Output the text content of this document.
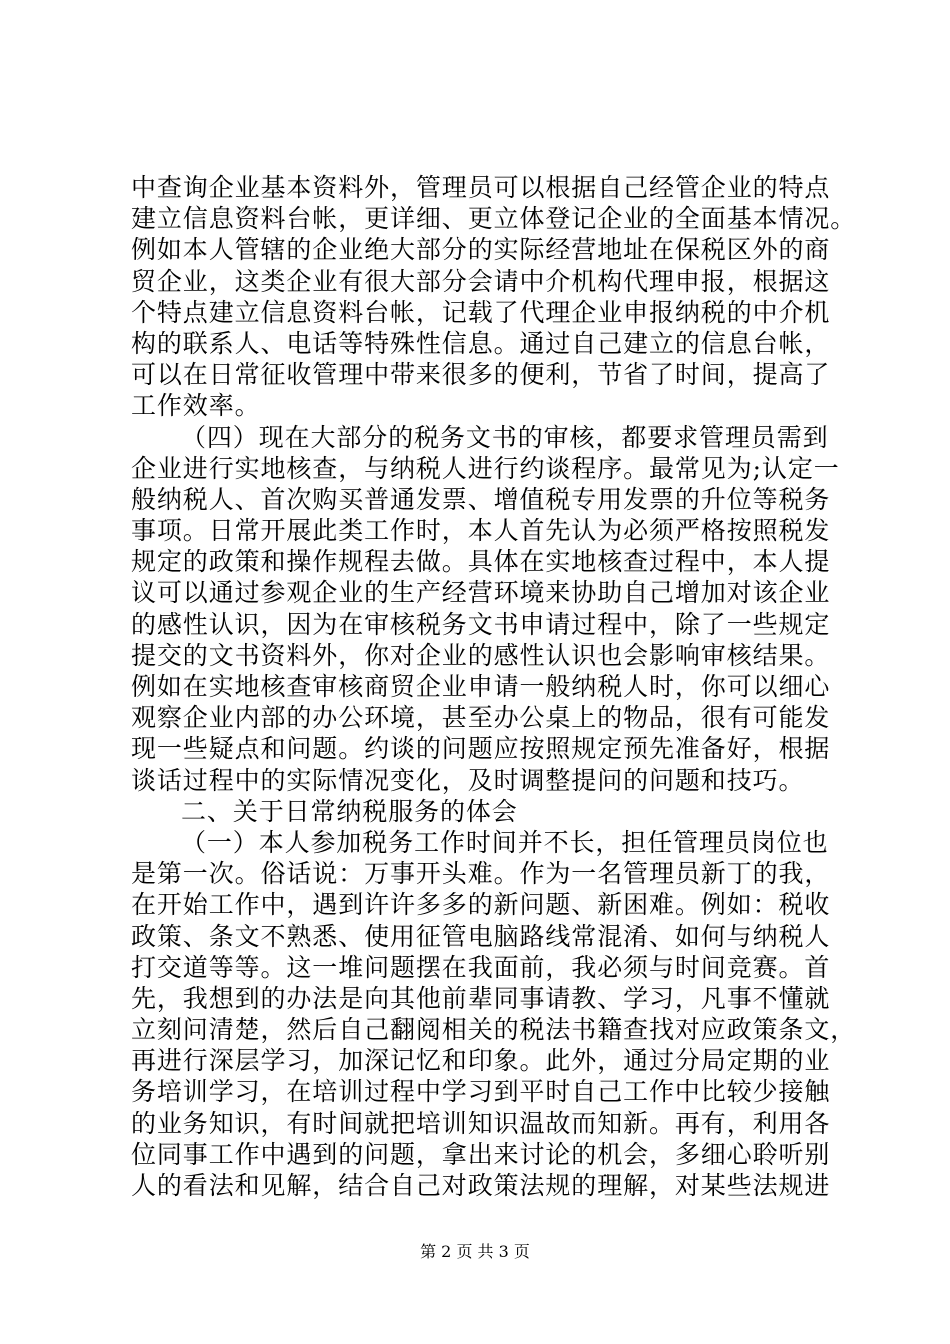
中查询企业基本资料外，管理员可以根据自己经管企业的特点
建立信息资料台帐，更详细、更立体登记企业的全面基本情况。
例如本人管辖的企业绝大部分的实际经营地址在保税区外的商
贸企业，这类企业有很大部分会请中介机构代理申报，根据这
个特点建立信息资料台帐，记载了代理企业申报纳税的中介机
构的联系人、电话等特殊性信息。通过自己建立的信息台帐，
可以在日常征收管理中带来很多的便利，节省了时间，提高了
工作效率。
（四）现在大部分的税务文书的审核，都要求管理员需到
企业进行实地核查，与纳税人进行约谈程序。最常见为;认定一
般纳税人、首次购买普通发票、增值税专用发票的升位等税务
事项。日常开展此类工作时，本人首先认为必须严格按照税发
规定的政策和操作规程去做。具体在实地核查过程中，本人提
议可以通过参观企业的生产经营环境来协助自己增加对该企业
的感性认识，因为在审核税务文书申请过程中，除了一些规定
提交的文书资料外，你对企业的感性认识也会影响审核结果。
例如在实地核查审核商贸企业申请一般纳税人时，你可以细心
观察企业内部的办公环境，甚至办公桌上的物品，很有可能发
现一些疑点和问题。约谈的问题应按照规定预先准备好，根据
谈话过程中的实际情况变化，及时调整提问的问题和技巧。
二、关于日常纳税服务的体会
（一）本人参加税务工作时间并不长，担任管理员岗位也
是第一次。俗话说：万事开头难。作为一名管理员新丁的我，
在开始工作中，遇到许许多多的新问题、新困难。例如：税收
政策、条文不熟悉、使用征管电脑路线常混淆、如何与纳税人
打交道等等。这一堆问题摆在我面前，我必须与时间竞赛。首
先，我想到的办法是向其他前辈同事请教、学习，凡事不懂就
立刻问清楚，然后自己翻阅相关的税法书籍查找对应政策条文，
再进行深层学习，加深记忆和印象。此外，通过分局定期的业
务培训学习，在培训过程中学习到平时自己工作中比较少接触
的业务知识，有时间就把培训知识温故而知新。再有，利用各
位同事工作中遇到的问题，拿出来讨论的机会，多细心聆听别
人的看法和见解，结合自己对政策法规的理解，对某些法规进
第 2 页 共 3 页
